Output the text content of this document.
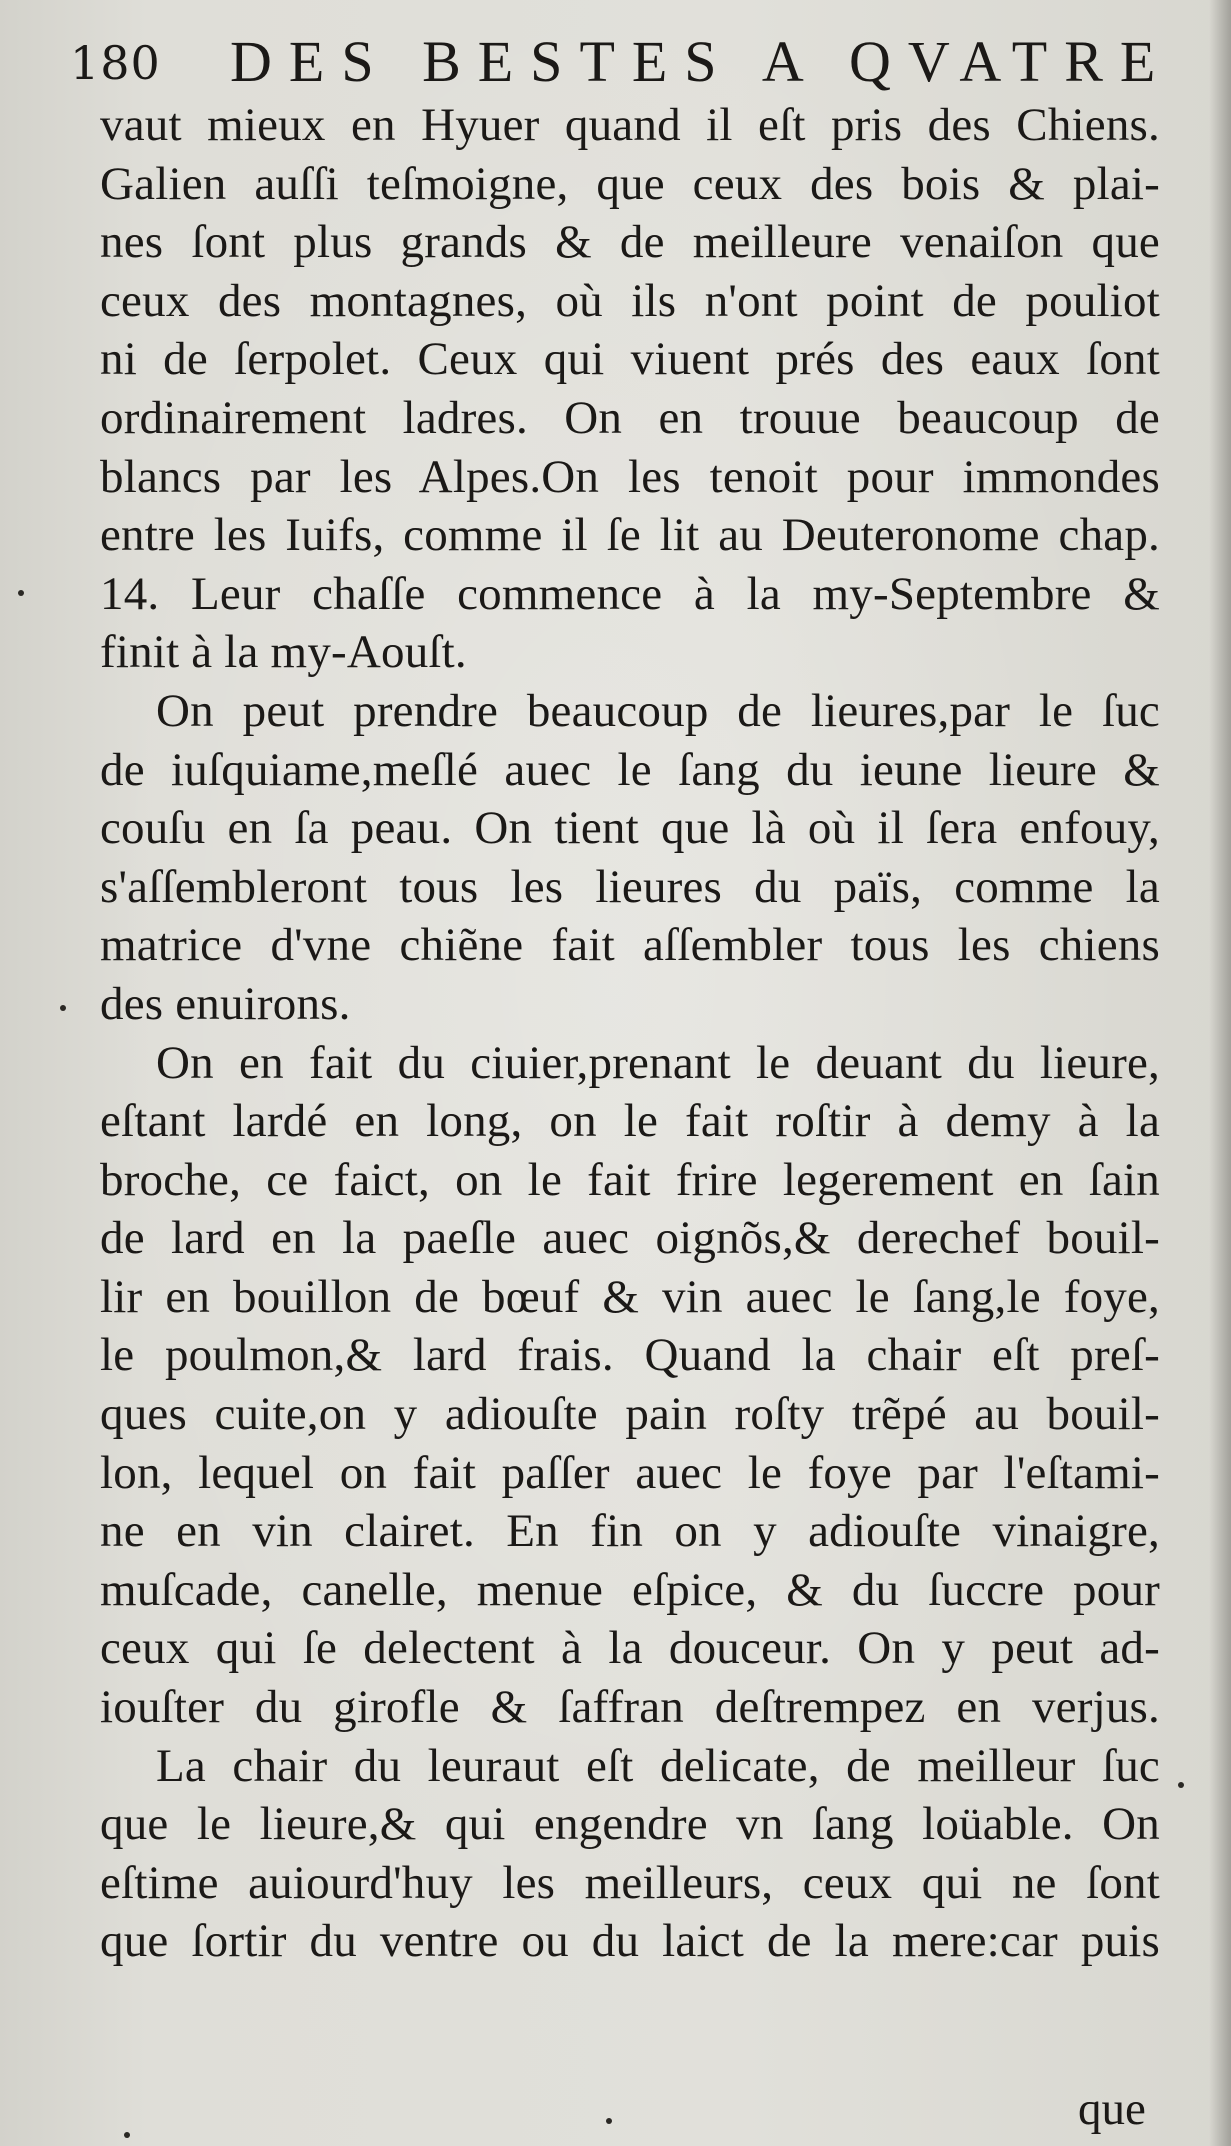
180 DES BESTES A QVATRE
vaut mieux en Hyuer quand il eſt pris des Chiens.
Galien auſſi teſmoigne, que ceux des bois & plai-
nes ſont plus grands & de meilleure venaiſon que
ceux des montagnes, où ils n'ont point de pouliot
ni de ſerpolet. Ceux qui viuent prés des eaux ſont
ordinairement ladres. On en trouue beaucoup de
blancs par les Alpes.On les tenoit pour immondes
entre les Iuifs, comme il ſe lit au Deuteronome chap.
14. Leur chaſſe commence à la my-Septembre &
finit à la my-Aouſt.
On peut prendre beaucoup de lieures,par le ſuc
de iuſquiame,meſlé auec le ſang du ieune lieure &
couſu en ſa peau. On tient que là où il ſera enfouy,
s'aſſembleront tous les lieures du païs, comme la
matrice d'vne chiẽne fait aſſembler tous les chiens
des enuirons.
On en fait du ciuier,prenant le deuant du lieure,
eſtant lardé en long, on le fait roſtir à demy à la
broche, ce faict, on le fait frire legerement en ſain
de lard en la paeſle auec oignõs,& derechef bouil-
lir en bouillon de bœuf & vin auec le ſang,le foye,
le poulmon,& lard frais. Quand la chair eſt preſ-
ques cuite,on y adiouſte pain roſty trẽpé au bouil-
lon, lequel on fait paſſer auec le foye par l'eſtami-
ne en vin clairet. En fin on y adiouſte vinaigre,
muſcade, canelle, menue eſpice, & du ſuccre pour
ceux qui ſe delectent à la douceur. On y peut ad-
iouſter du girofle & ſaffran deſtrempez en verjus.
La chair du leuraut eſt delicate, de meilleur ſuc
que le lieure,& qui engendre vn ſang loüable. On
eſtime auiourd'huy les meilleurs, ceux qui ne ſont
que ſortir du ventre ou du laict de la mere:car puis
que
